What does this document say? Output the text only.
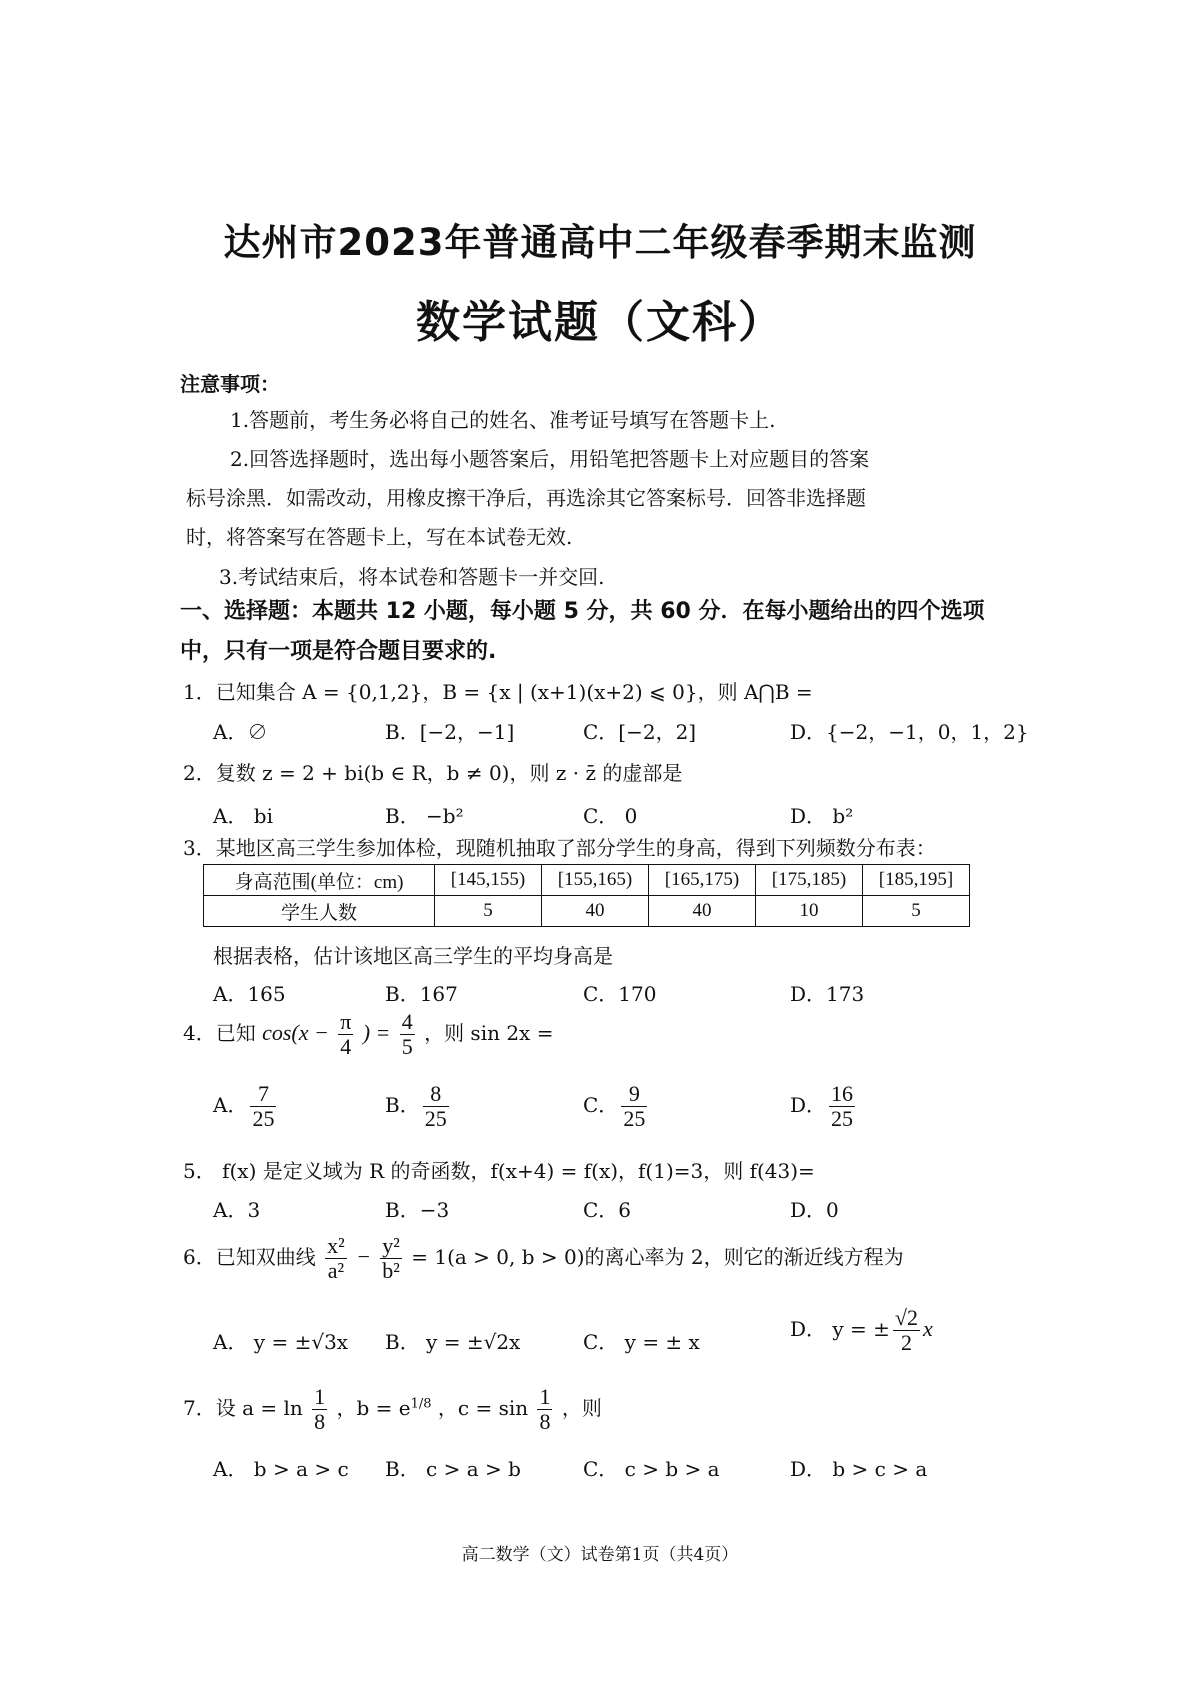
达州市2023年普通高中二年级春季期末监测
数学试题（文科）
注意事项：
1.答题前，考生务必将自己的姓名、准考证号填写在答题卡上.
2.回答选择题时，选出每小题答案后，用铅笔把答题卡上对应题目的答案
标号涂黑．如需改动，用橡皮擦干净后，再选涂其它答案标号．回答非选择题
时，将答案写在答题卡上，写在本试卷无效.
3.考试结束后，将本试卷和答题卡一并交回.
一、选择题：本题共 12 小题，每小题 5 分，共 60 分．在每小题给出的四个选项
中，只有一项是符合题目要求的.
1．已知集合 A = {0,1,2}，B = {x | (x+1)(x+2) ⩽ 0}，则 A⋂B =
A．∅	B．[−2，−1]	C．[−2，2]	D．{−2，−1，0，1，2}
2．复数 z = 2 + bi(b ∈ R，b ≠ 0)，则 z · z̄ 的虚部是
A． bi	B． −b²	C． 0	D． b²
3．某地区高三学生参加体检，现随机抽取了部分学生的身高，得到下列频数分布表：
身高范围(单位：cm)	[145,155)	[155,165)	[165,175)	[175,185)	[185,195]
学生人数	5	40	40	10	5
根据表格，估计该地区高三学生的平均身高是
A．165	B．167	C．170	D．173
4．已知 $\cos(x - \frac{\pi}{4}$ ) = $\frac{4}{5}$ ，则 sin 2x =
A． $\frac{7}{25}$	B． $\frac{8}{25}$	C． $\frac{9}{25}$	D． $\frac{16}{25}$
5． f(x) 是定义域为 R 的奇函数，f(x+4) = f(x)，f(1)=3，则 f(43)=
A．3	B．−3	C．6	D．0
6．已知双曲线 $\frac{\text{x²}}{\text{a²}} - \frac{\text{y²}}{\text{b²}} = 1(a > 0$, b > 0)的离心率为 2，则它的渐近线方程为
A． y = ±√3x B． y = ±√2x	C． y = ± x
D． y = ± $\frac{√2}{2}$ x
7．设 $a = \ln \frac{1}{8}$ ，$b = e^{1/8}$ ，$c = \sin \frac{1}{8}$ ，则
A． b > a > c B． c > a > b	C． c > b > a	D． b > c > a
高二数学（文）试卷第1页（共4页）
